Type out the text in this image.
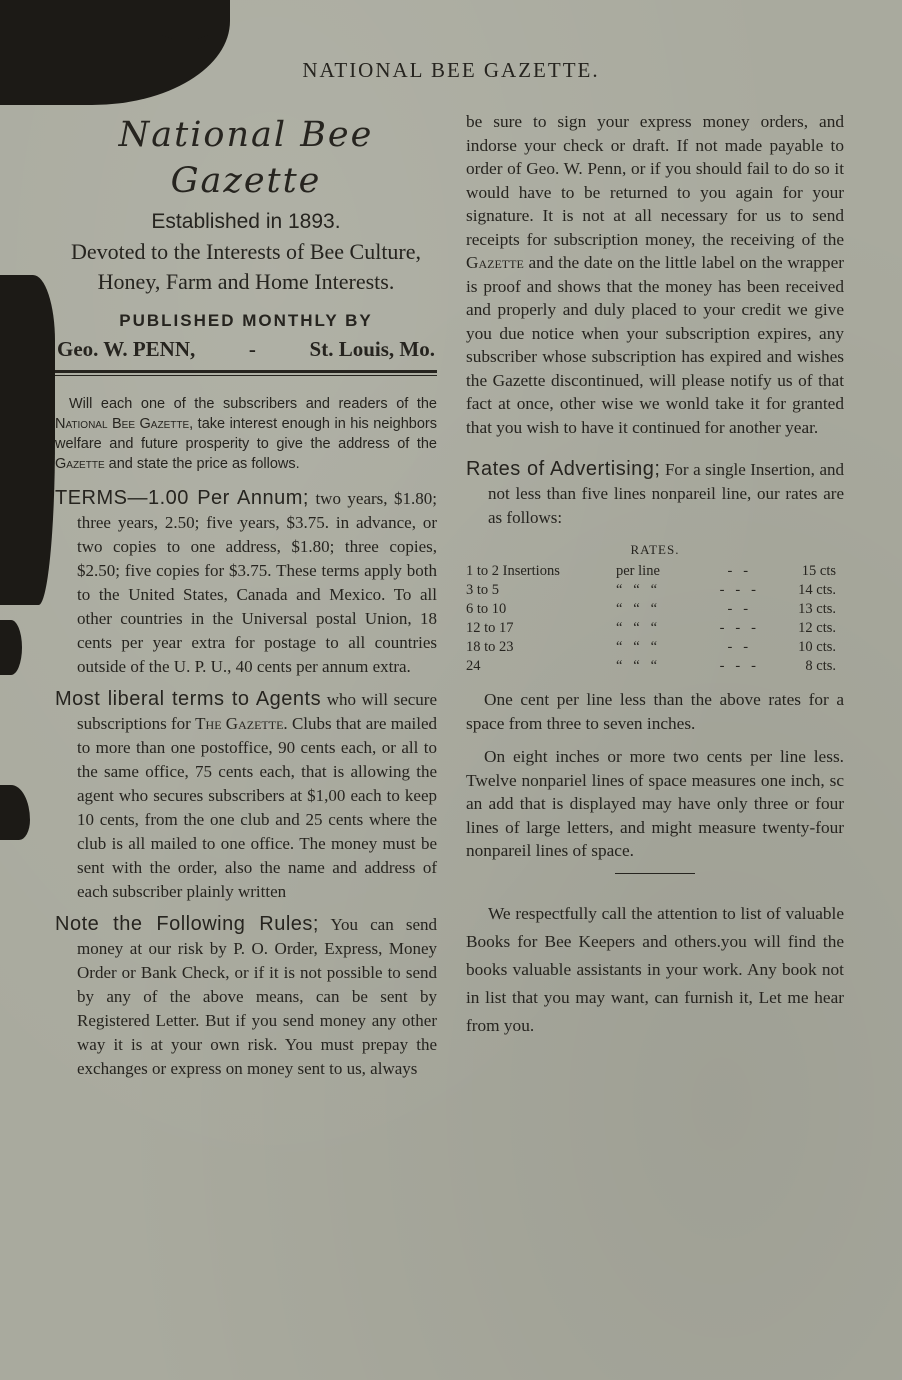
NATIONAL BEE GAZETTE.
National Bee Gazette
Established in 1893.
Devoted to the Interests of Bee Culture, Honey, Farm and Home Interests.
PUBLISHED MONTHLY BY
Geo. W. PENN,	-	St. Louis, Mo.

Will each one of the subscribers and readers of the National Bee Gazette, take interest enough in his neighbors welfare and future prosperity to give the address of the Gazette and state the price as follows.

TERMS—1.00 Per Annum; two years, $1.80; three years, 2.50; five years, $3.75. in advance, or two copies to one address, $1.80; three copies, $2.50; five copies for $3.75. These terms apply both to the United States, Canada and Mexico. To all other countries in the Universal postal Union, 18 cents per year extra for postage to all countries outside of the U. P. U., 40 cents per annum extra.

Most liberal terms to Agents who will secure subscriptions for The Gazette. Clubs that are mailed to more than one postoffice, 90 cents each, or all to the same office, 75 cents each, that is allowing the agent who secures subscribers at $1,00 each to keep 10 cents, from the one club and 25 cents where the club is all mailed to one office. The money must be sent with the order, also the name and address of each subscriber plainly written

Note the Following Rules; You can send money at our risk by P. O. Order, Express, Money Order or Bank Check, or if it is not possible to send by any of the above means, can be sent by Registered Letter. But if you send money any other way it is at your own risk. You must prepay the exchanges or express on money sent to us, always

be sure to sign your express money orders, and indorse your check or draft. If not made payable to order of Geo. W. Penn, or if you should fail to do so it would have to be returned to you again for your signature. It is not at all necessary for us to send receipts for subscription money, the receiving of the Gazette and the date on the little label on the wrapper is proof and shows that the money has been received and properly and duly placed to your credit we give you due notice when your subscription expires, any subscriber whose subscription has expired and wishes the Gazette discontinued, will please notify us of that fact at once, other wise we wonld take it for granted that you wish to have it continued for another year.

Rates of Advertising; For a single Insertion, and not less than five lines nonpareil line, our rates are as follows:

RATES.
1 to 2 Insertions	per line	-   -	15 cts
3 to 5	“   “   “	-   -   -	14 cts.
6 to 10	“   “   “	-   -	13 cts.
12 to 17	“   “   “	-   -   -	12 cts.
18 to 23	“   “   “	-   -	10 cts.
24	“   “   “	-   -   -	8 cts.

One cent per line less than the above rates for a space from three to seven inches.

On eight inches or more two cents per line less. Twelve nonpariel lines of space measures one inch, sc an add that is displayed may have only three or four lines of large letters, and might measure twenty-four nonpareil lines of space.

We respectfully call the attention to list of valuable Books for Bee Keepers and others.you will find the books valuable assistants in your work. Any book not in list that you may want, can furnish it, Let me hear from you.
